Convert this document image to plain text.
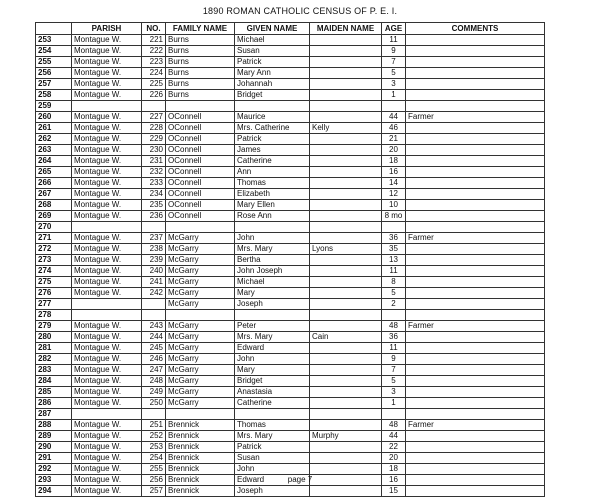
1890 ROMAN CATHOLIC CENSUS OF P. E. I.
	PARISH	NO.	FAMILY NAME	GIVEN NAME	MAIDEN NAME	AGE	COMMENTS
253	Montague W.	221	Burns	Michael		11	
254	Montague W.	222	Burns	Susan		9	
255	Montague W.	223	Burns	Patrick		7	
256	Montague W.	224	Burns	Mary Ann		5	
257	Montague W.	225	Burns	Johannah		3	
258	Montague W.	226	Burns	Bridget		1	
259							
260	Montague W.	227	OConnell	Maurice		44	Farmer
261	Montague W.	228	OConnell	Mrs. Catherine	Kelly	46	
262	Montague W.	229	OConnell	Patrick		21	
263	Montague W.	230	OConnell	James		20	
264	Montague W.	231	OConnell	Catherine		18	
265	Montague W.	232	OConnell	Ann		16	
266	Montague W.	233	OConnell	Thomas		14	
267	Montague W.	234	OConnell	Elizabeth		12	
268	Montague W.	235	OConnell	Mary Ellen		10	
269	Montague W.	236	OConnell	Rose Ann		8 mo	
270							
271	Montague W.	237	McGarry	John		36	Farmer
272	Montague W.	238	McGarry	Mrs. Mary	Lyons	35	
273	Montague W.	239	McGarry	Bertha		13	
274	Montague W.	240	McGarry	John Joseph		11	
275	Montague W.	241	McGarry	Michael		8	
276	Montague W.	242	McGarry	Mary		5	
277			McGarry	Joseph		2	
278							
279	Montague W.	243	McGarry	Peter		48	Farmer
280	Montague W.	244	McGarry	Mrs. Mary	Cain	36	
281	Montague W.	245	McGarry	Edward		11	
282	Montague W.	246	McGarry	John		9	
283	Montague W.	247	McGarry	Mary		7	
284	Montague W.	248	McGarry	Bridget		5	
285	Montague W.	249	McGarry	Anastasia		3	
286	Montague W.	250	McGarry	Catherine		1	
287							
288	Montague W.	251	Brennick	Thomas		48	Farmer
289	Montague W.	252	Brennick	Mrs. Mary	Murphy	44	
290	Montague W.	253	Brennick	Patrick		22	
291	Montague W.	254	Brennick	Susan		20	
292	Montague W.	255	Brennick	John		18	
293	Montague W.	256	Brennick	Edward		16	
294	Montague W.	257	Brennick	Joseph		15	
page 7
